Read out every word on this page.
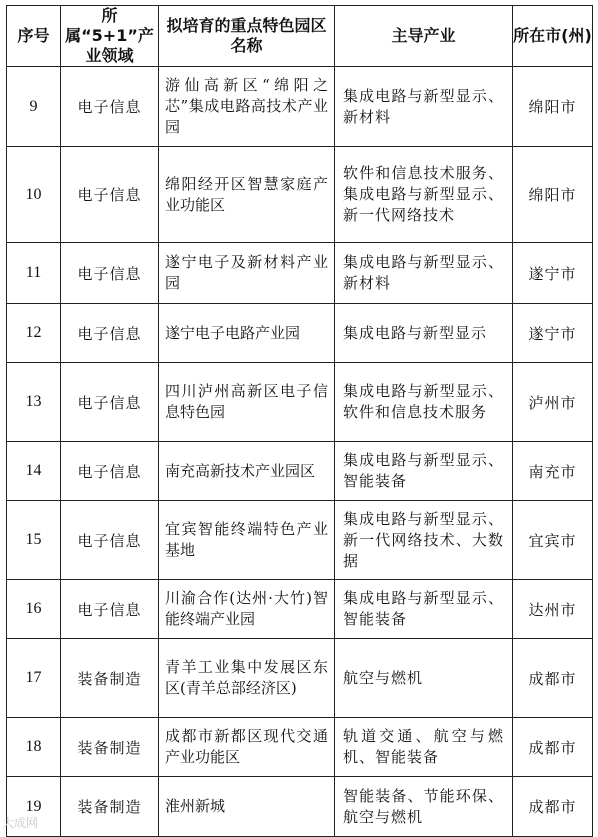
序号	所属“5+1”产业领域	拟培育的重点特色园区名称	主导产业	所在市(州)
9	电子信息	游仙高新区“绵阳之芯”集成电路高技术产业园	集成电路与新型显示、新材料	绵阳市
10	电子信息	绵阳经开区智慧家庭产业功能区	软件和信息技术服务、集成电路与新型显示、新一代网络技术	绵阳市
11	电子信息	遂宁电子及新材料产业园	集成电路与新型显示、新材料	遂宁市
12	电子信息	遂宁电子电路产业园	集成电路与新型显示	遂宁市
13	电子信息	四川泸州高新区电子信息特色园	集成电路与新型显示、软件和信息技术服务	泸州市
14	电子信息	南充高新技术产业园区	集成电路与新型显示、智能装备	南充市
15	电子信息	宜宾智能终端特色产业基地	集成电路与新型显示、新一代网络技术、大数据	宜宾市
16	电子信息	川渝合作(达州·大竹)智能终端产业园	集成电路与新型显示、智能装备	达州市
17	装备制造	青羊工业集中发展区东区(青羊总部经济区)	航空与燃机	成都市
18	装备制造	成都市新都区现代交通产业功能区	轨道交通、航空与燃机、智能装备	成都市
19	装备制造	淮州新城	智能装备、节能环保、航空与燃机	成都市
大成网
